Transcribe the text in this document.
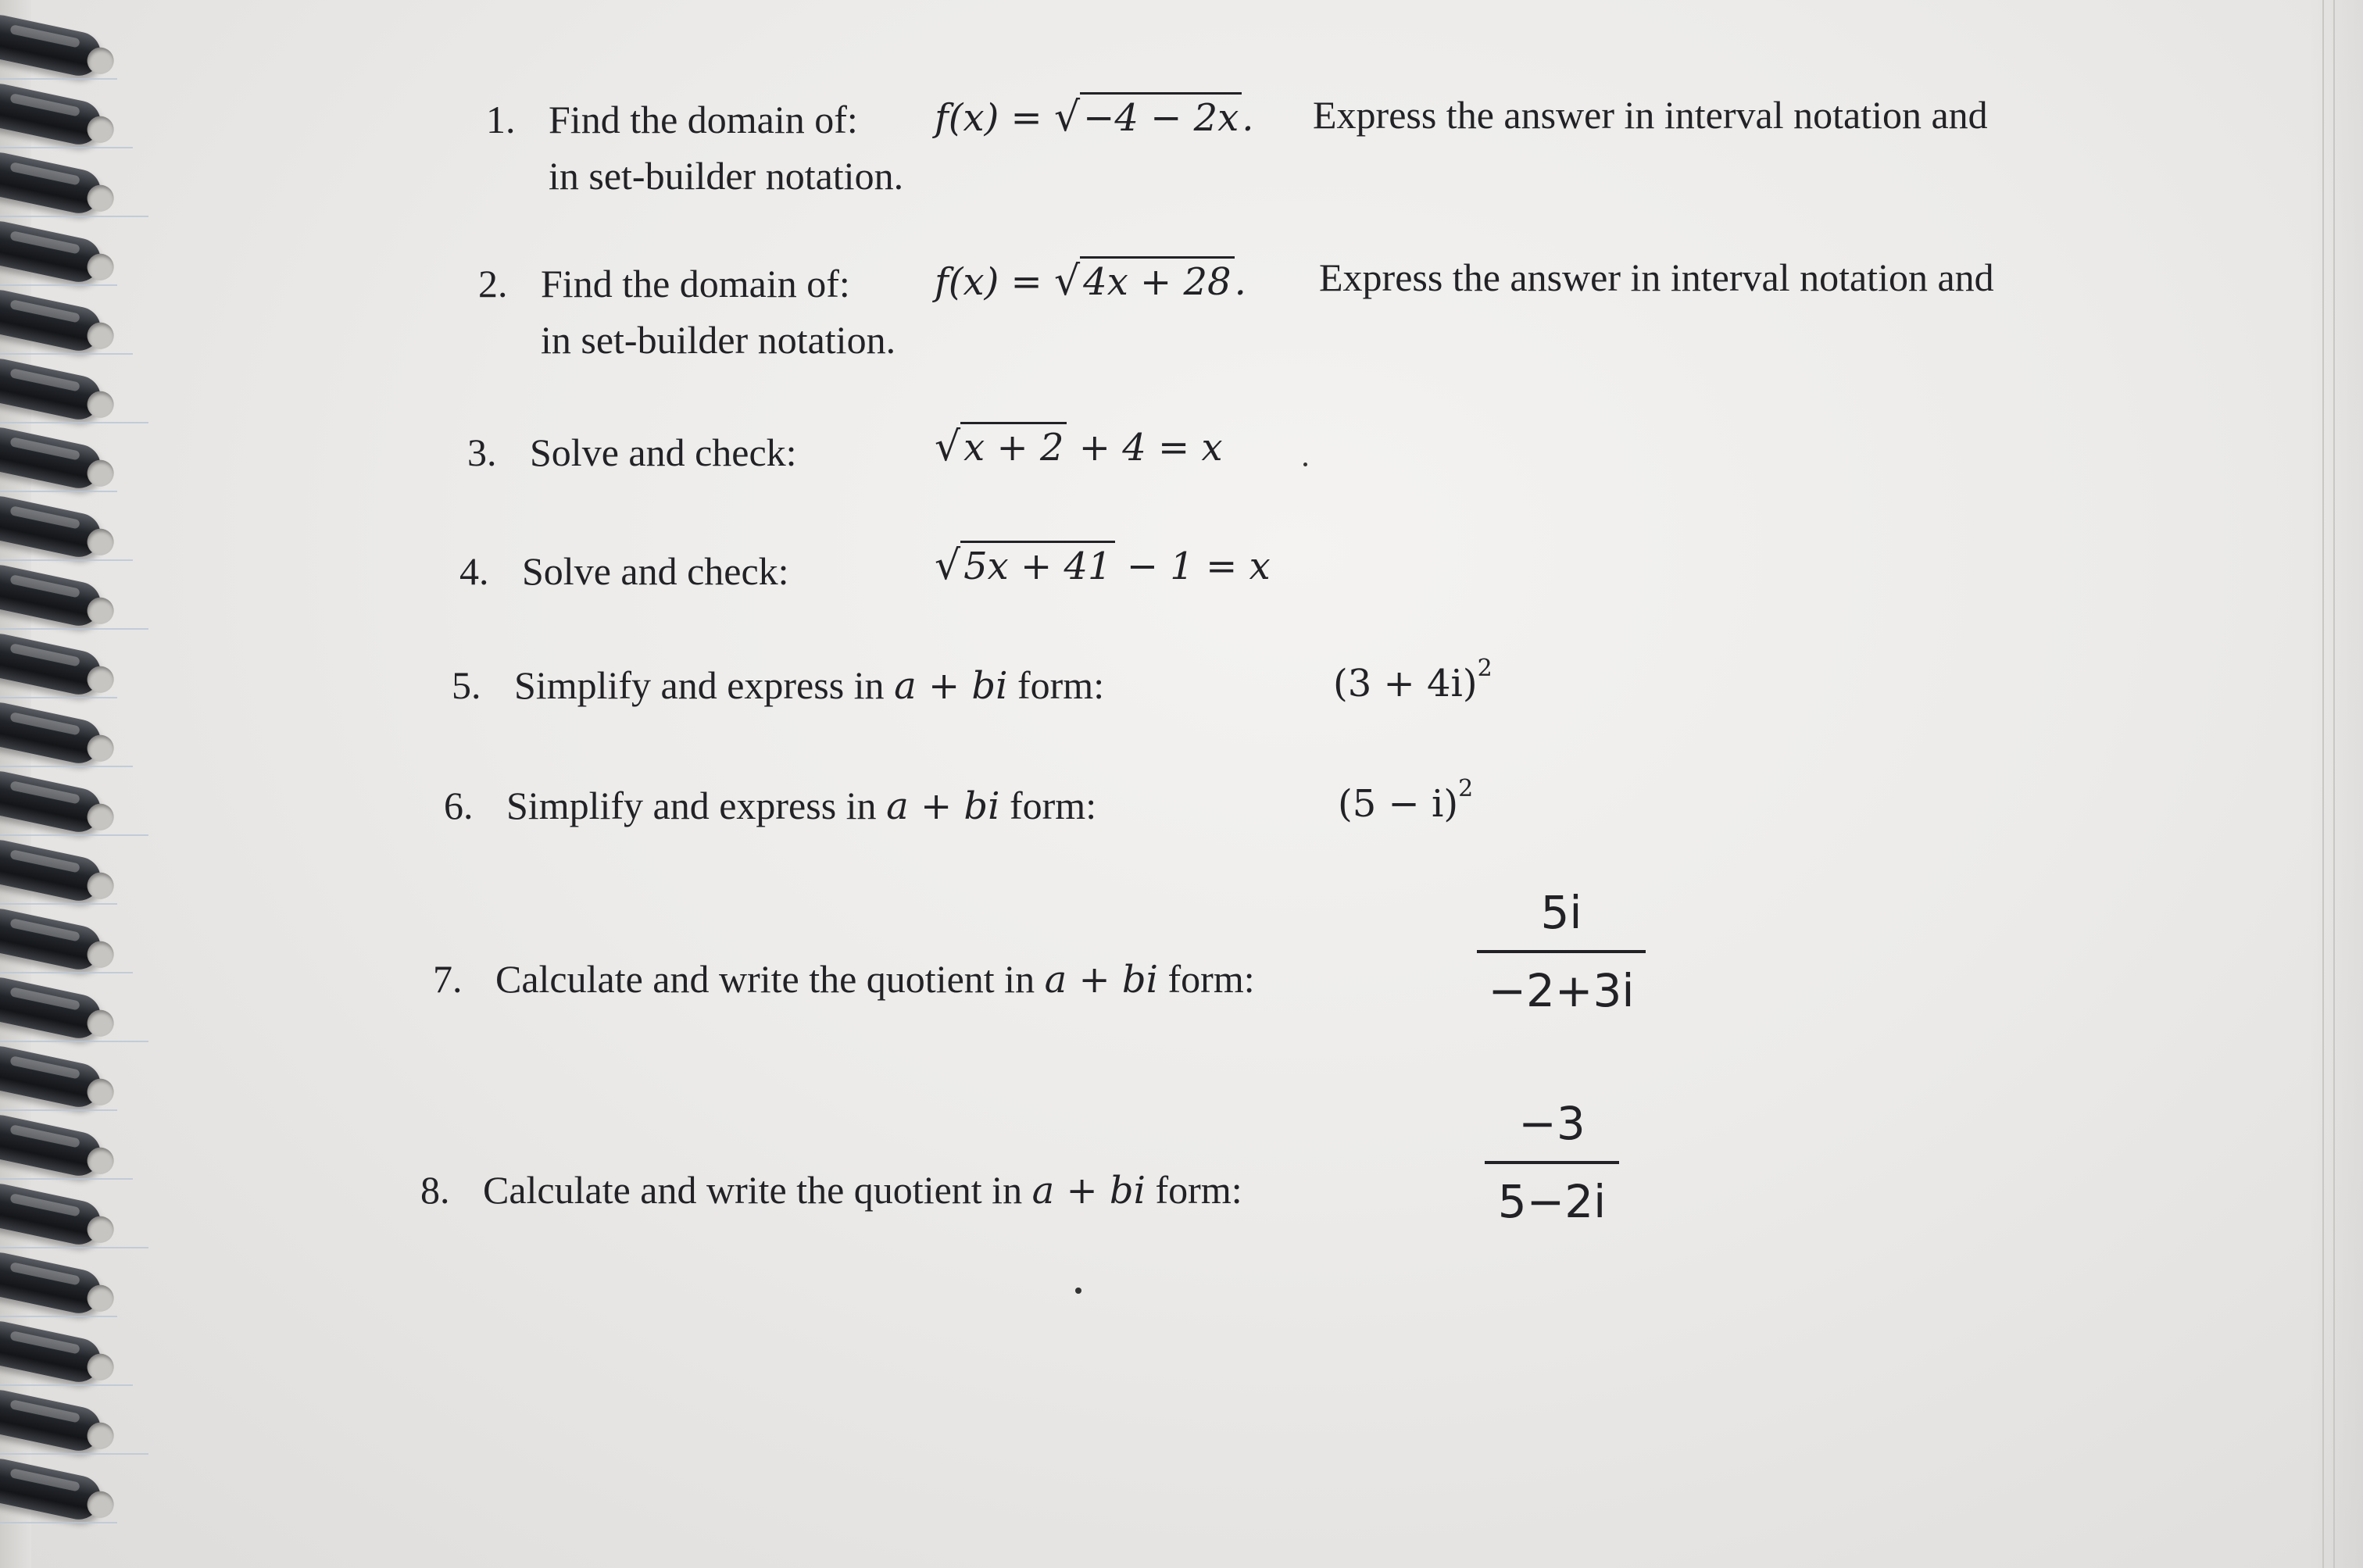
1. Find the domain of: f(x) = √−4 − 2x. Express the answer in interval notation and
in set-builder notation.
2. Find the domain of: f(x) = √4x + 28. Express the answer in interval notation and
in set-builder notation.
3. Solve and check:	√x + 2 + 4 = x
4. Solve and check:	√5x + 41 − 1 = x
5. Simplify and express in a + bi form:	$(3 + 4i)^2$
6. Simplify and express in a + bi form:	$(5 - i)^2$
7. Calculate and write the quotient in a + bi form:
5i
−2+3i
8. Calculate and write the quotient in a + bi form:
−3
5−2i
